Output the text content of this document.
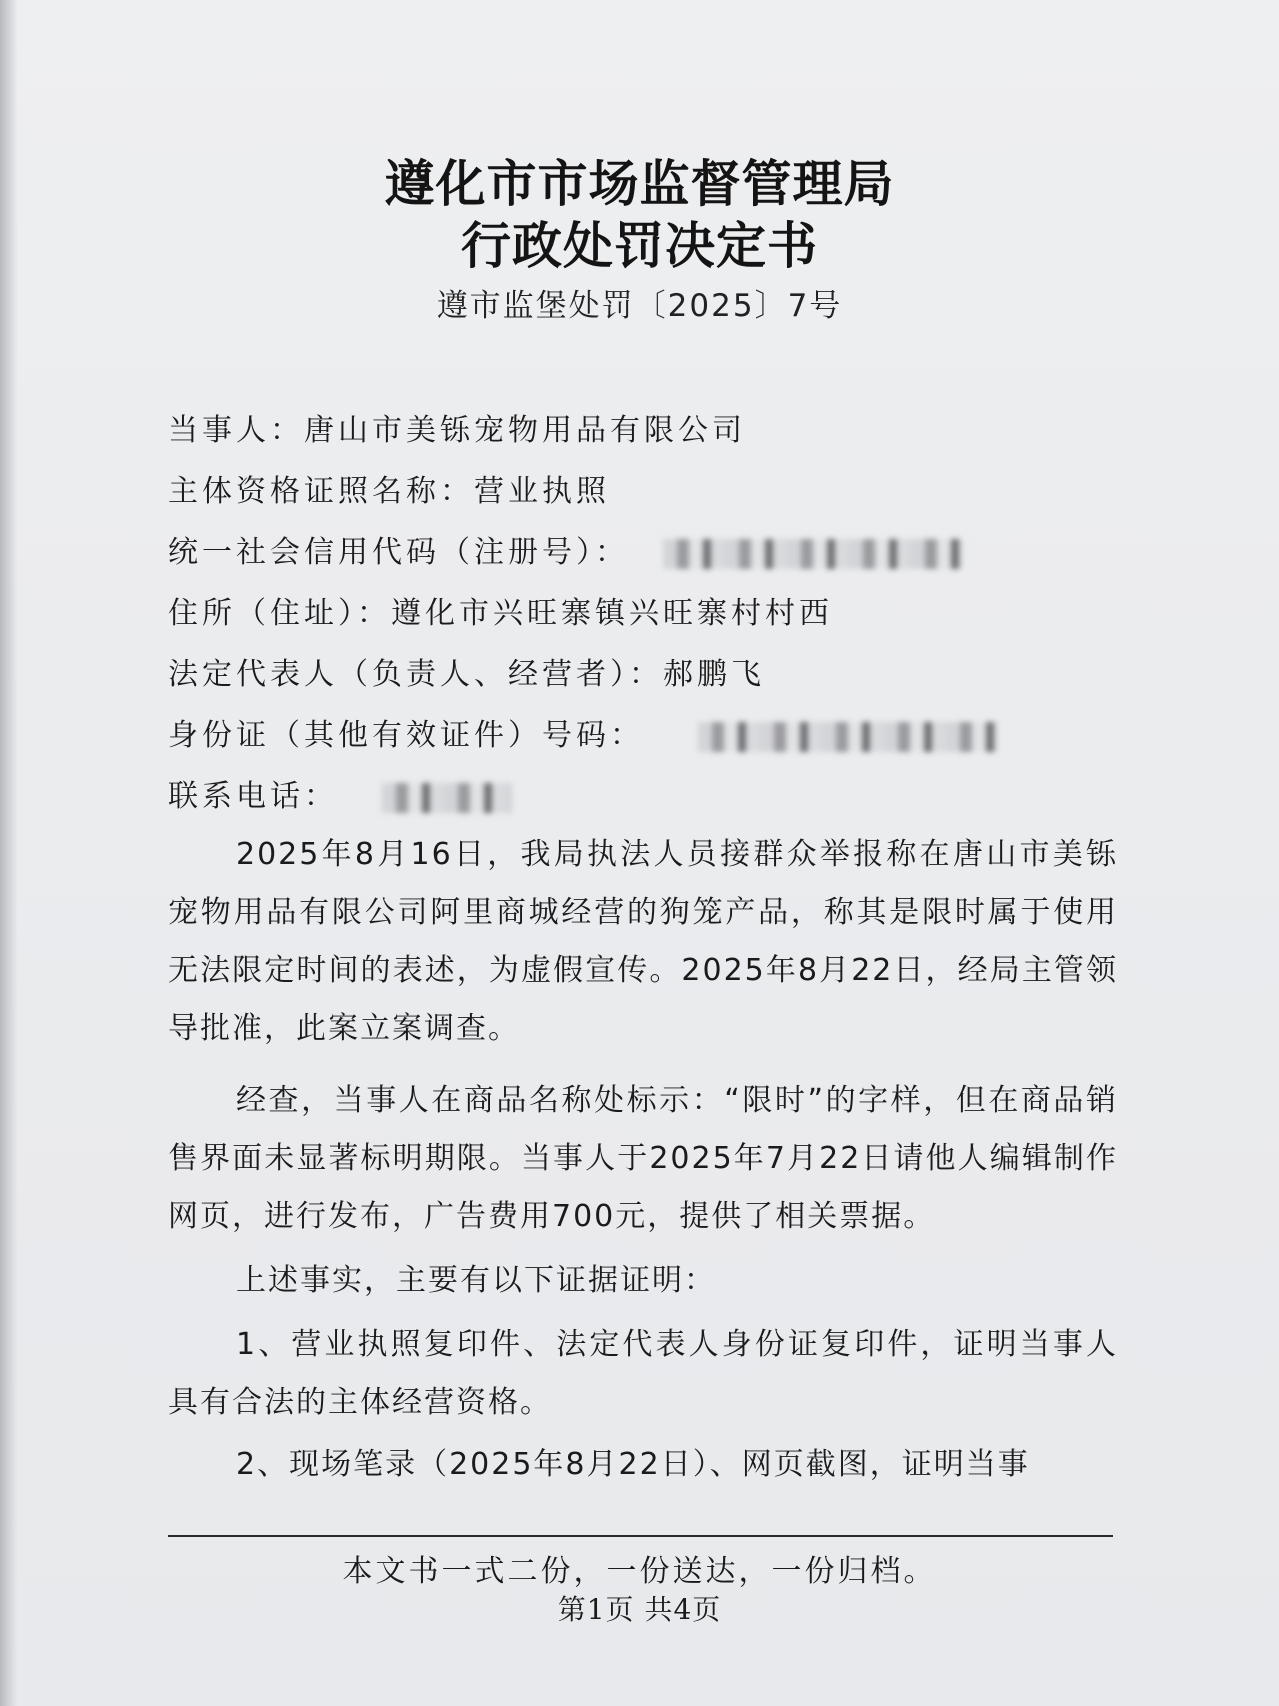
遵化市市场监督管理局
行政处罚决定书

遵市监堡处罚〔2025〕7号

当事人：唐山市美铄宠物用品有限公司

主体资格证照名称：营业执照

统一社会信用代码（注册号）：

住所（住址）：遵化市兴旺寨镇兴旺寨村村西

法定代表人（负责人、经营者）：郝鹏飞

身份证（其他有效证件）号码：

联系电话：

2025年8月16日，我局执法人员接群众举报称在唐山市美铄宠物用品有限公司阿里商城经营的狗笼产品，称其是限时属于使用无法限定时间的表述，为虚假宣传。2025年8月22日，经局主管领导批准，此案立案调查。

经查，当事人在商品名称处标示：“限时”的字样，但在商品销售界面未显著标明期限。当事人于2025年7月22日请他人编辑制作网页，进行发布，广告费用700元，提供了相关票据。

上述事实，主要有以下证据证明：

1、营业执照复印件、法定代表人身份证复印件，证明当事人具有合法的主体经营资格。

2、现场笔录（2025年8月22日）、网页截图，证明当事

本文书一式二份，一份送达，一份归档。

第1页 共4页
